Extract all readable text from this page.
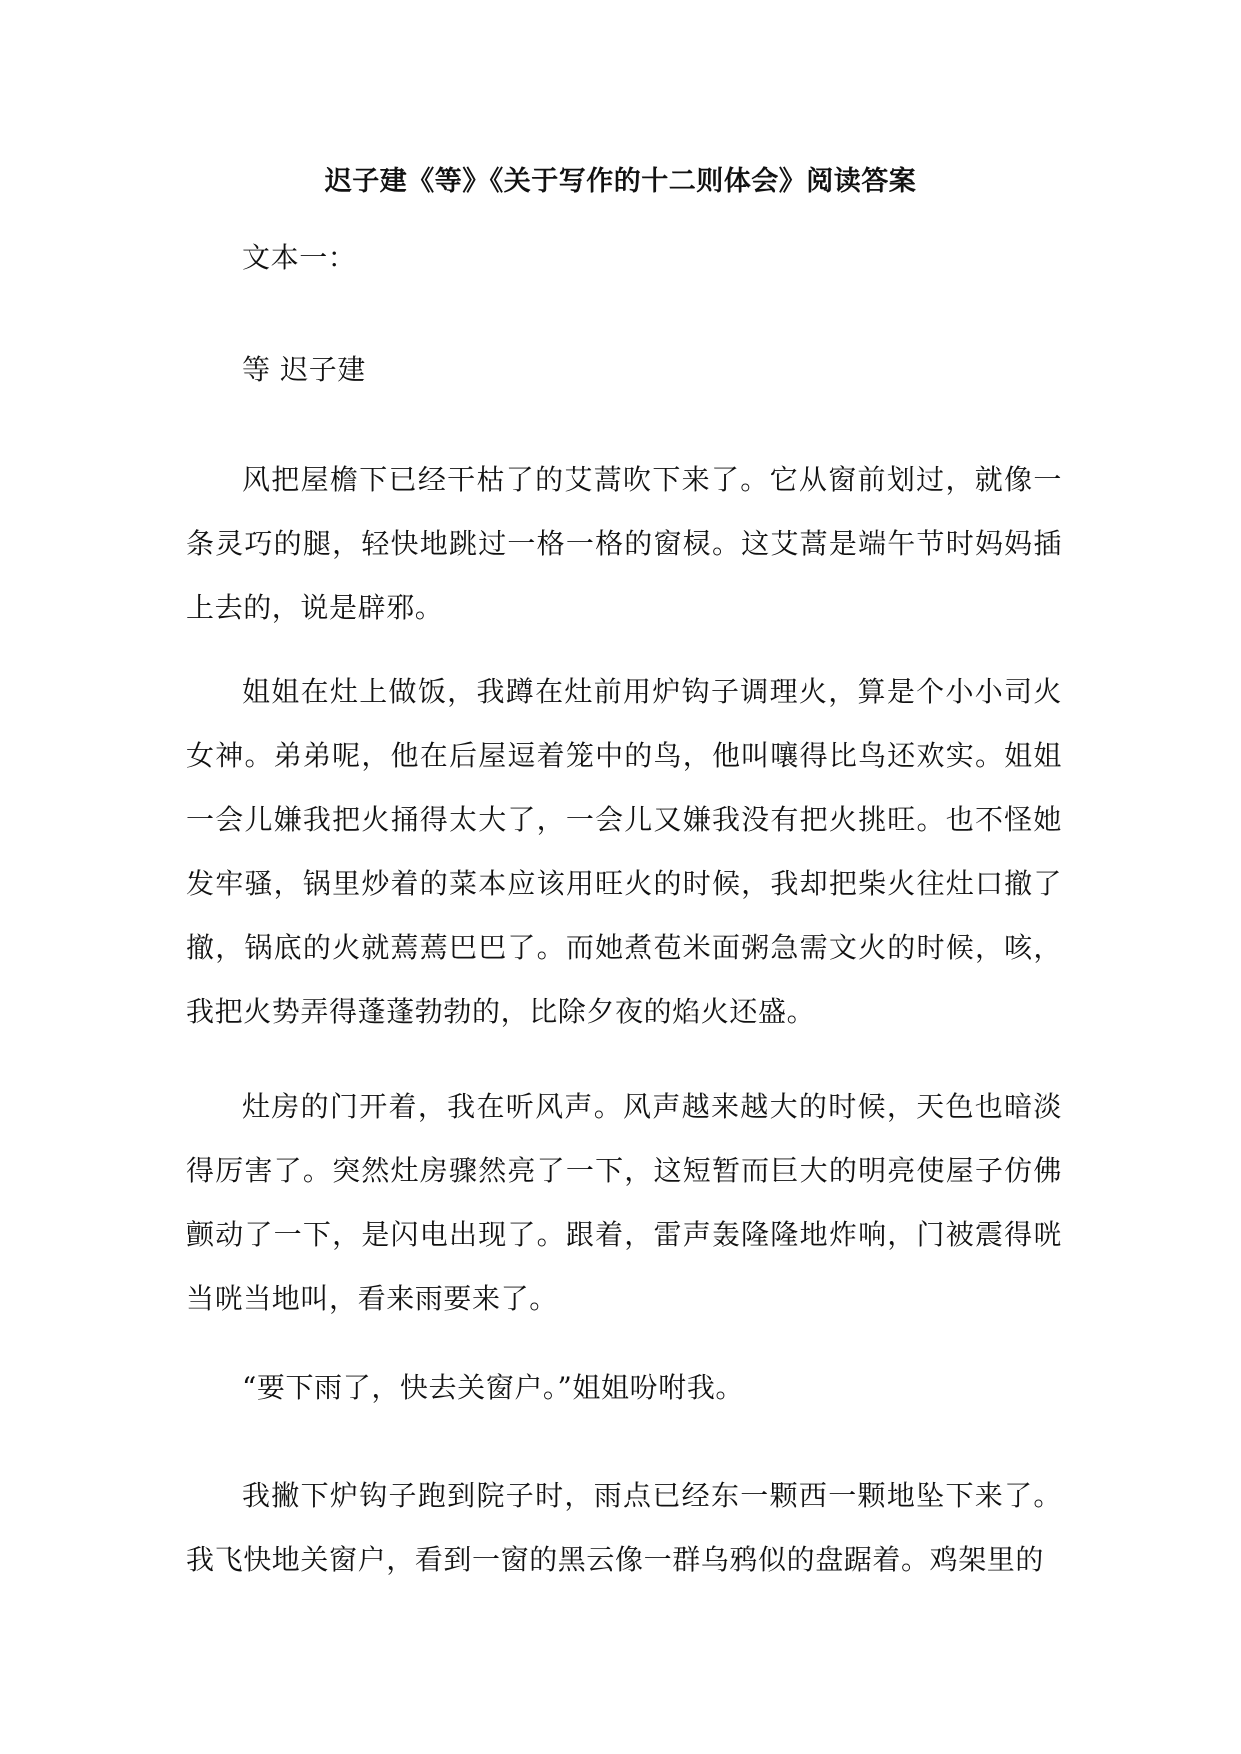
迟子建《等》《关于写作的十二则体会》阅读答案

文本一：

等 迟子建

风把屋檐下已经干枯了的艾蒿吹下来了。它从窗前划过，就像一条灵巧的腿，轻快地跳过一格一格的窗棂。这艾蒿是端午节时妈妈插上去的，说是辟邪。

姐姐在灶上做饭，我蹲在灶前用炉钩子调理火，算是个小小司火女神。弟弟呢，他在后屋逗着笼中的鸟，他叫嚷得比鸟还欢实。姐姐一会儿嫌我把火捅得太大了，一会儿又嫌我没有把火挑旺。也不怪她发牢骚，锅里炒着的菜本应该用旺火的时候，我却把柴火往灶口撤了撤，锅底的火就蔫蔫巴巴了。而她煮苞米面粥急需文火的时候，咳，我把火势弄得蓬蓬勃勃的，比除夕夜的焰火还盛。

灶房的门开着，我在听风声。风声越来越大的时候，天色也暗淡得厉害了。突然灶房骤然亮了一下，这短暂而巨大的明亮使屋子仿佛颤动了一下，是闪电出现了。跟着，雷声轰隆隆地炸响，门被震得咣当咣当地叫，看来雨要来了。

“要下雨了，快去关窗户。”姐姐吩咐我。

我撇下炉钩子跑到院子时，雨点已经东一颗西一颗地坠下来了。我飞快地关窗户，看到一窗的黑云像一群乌鸦似的盘踞着。鸡架里的
